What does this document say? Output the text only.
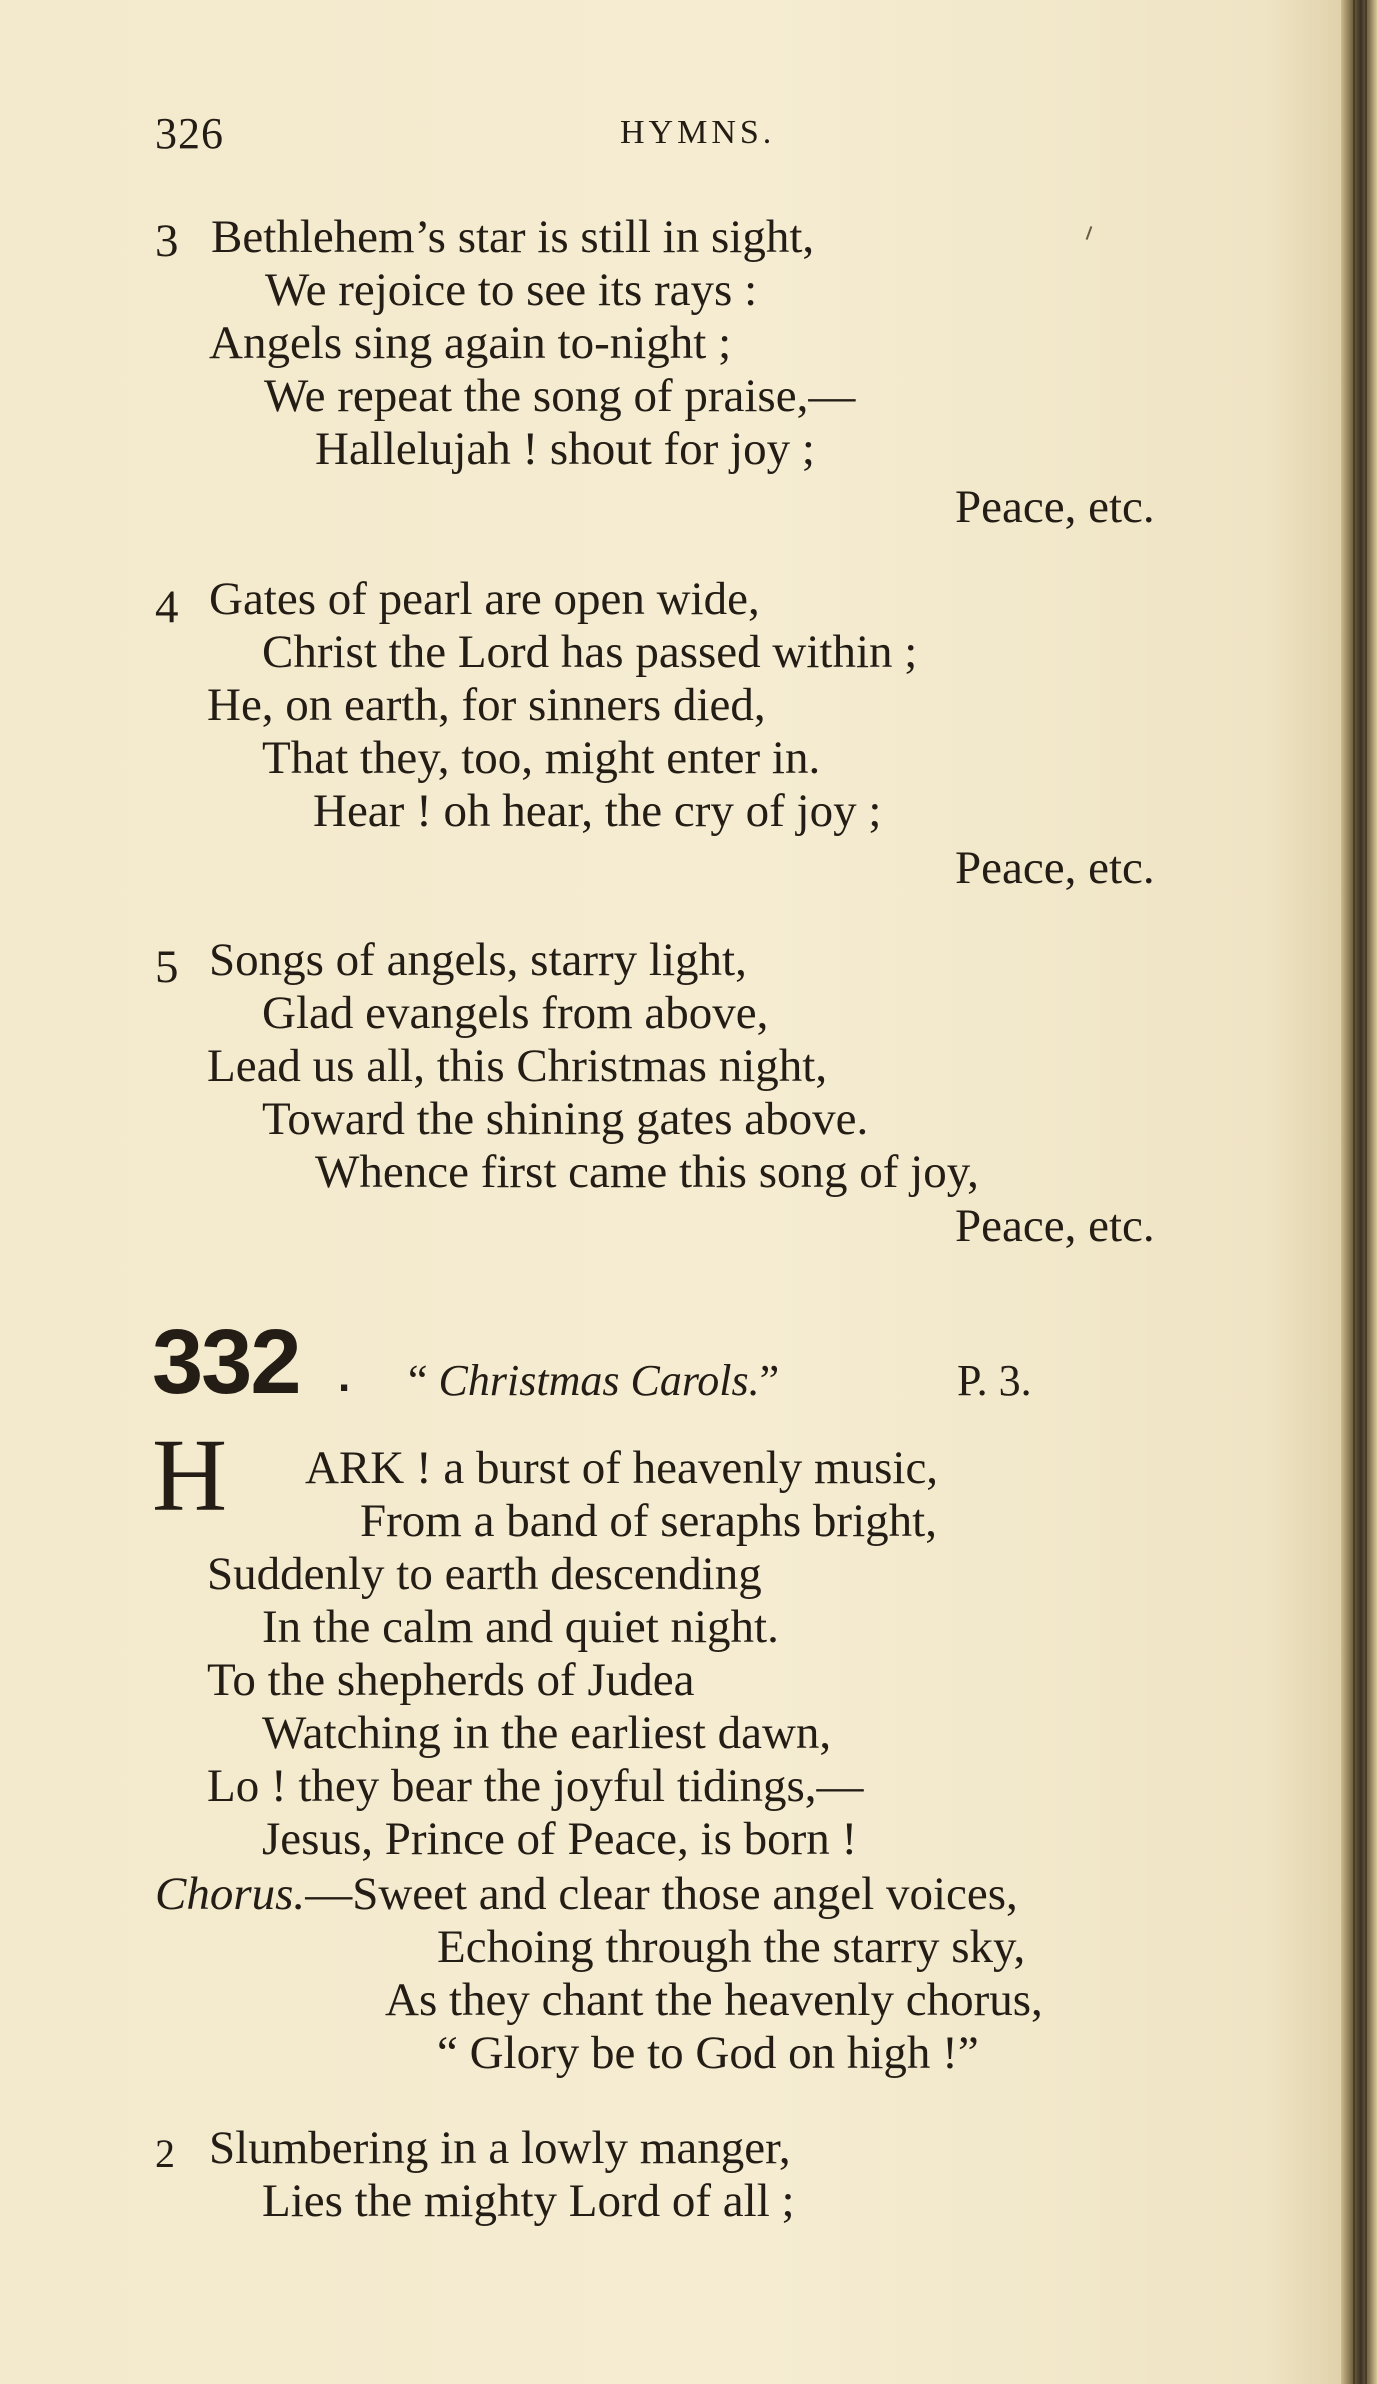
326	HYMNS.
3 Bethlehem’s star is still in sight,
We rejoice to see its rays :
Angels sing again to-night ;
We repeat the song of praise,—
Hallelujah ! shout for joy ;
Peace, etc.
4 Gates of pearl are open wide,
Christ the Lord has passed within ;
He, on earth, for sinners died,
That they, too, might enter in.
Hear ! oh hear, the cry of joy ;
Peace, etc.
5 Songs of angels, starry light,
Glad evangels from above,
Lead us all, this Christmas night,
Toward the shining gates above.
Whence first came this song of joy,
Peace, etc.
332 . “ Christmas Carols.”	P. 3.
H ARK ! a burst of heavenly music,
From a band of seraphs bright,
Suddenly to earth descending
In the calm and quiet night.
To the shepherds of Judea
Watching in the earliest dawn,
Lo ! they bear the joyful tidings,—
Jesus, Prince of Peace, is born !
Chorus.—Sweet and clear those angel voices,
Echoing through the starry sky,
As they chant the heavenly chorus,
“ Glory be to God on high !”
2 Slumbering in a lowly manger,
Lies the mighty Lord of all ;
